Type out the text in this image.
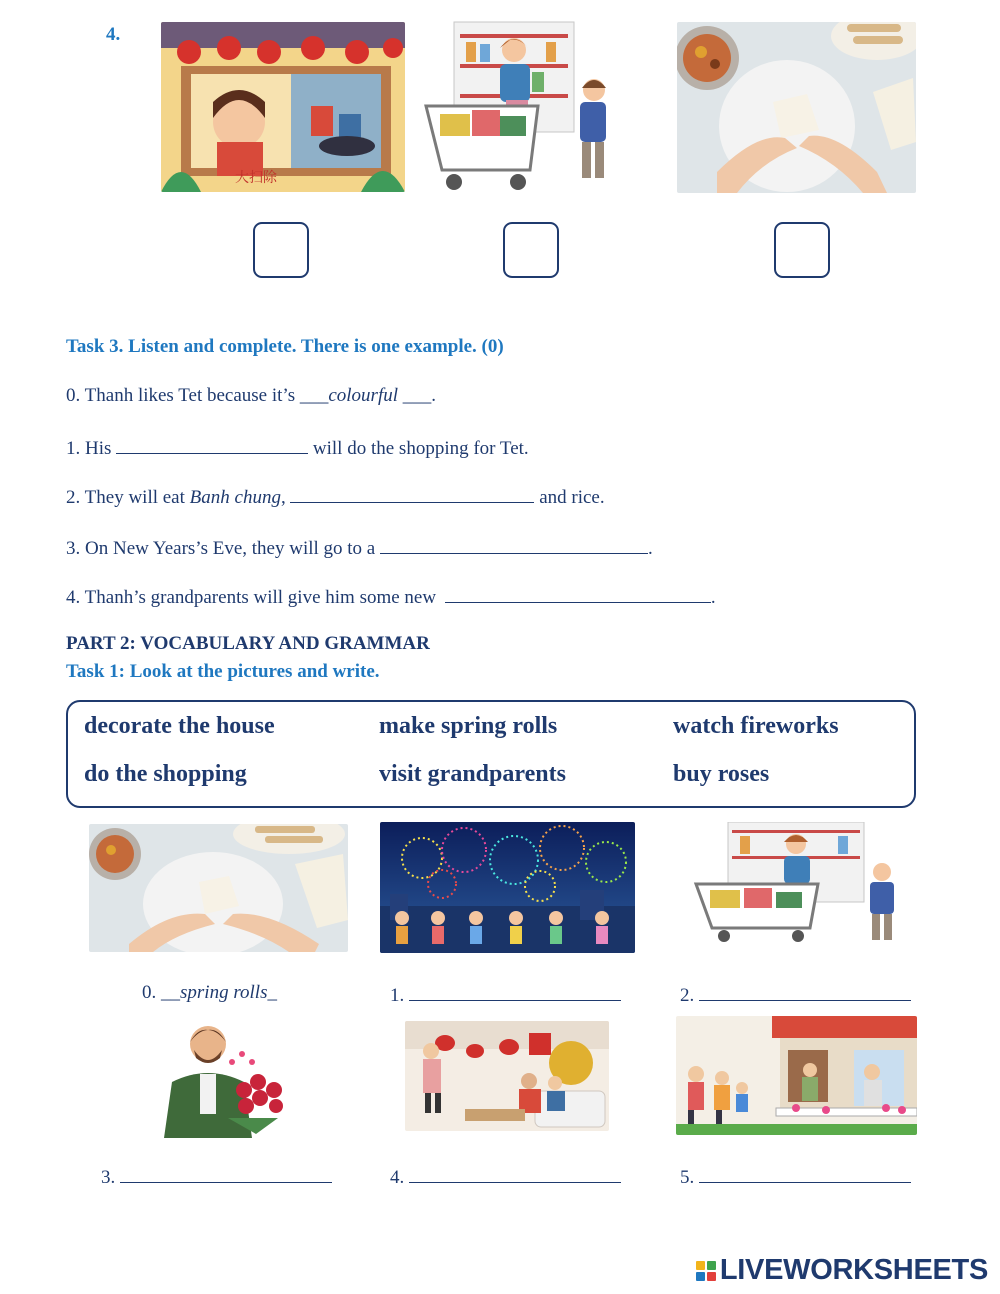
4.
大扫除
Task 3. Listen and complete. There is one example. (0)
0. Thanh likes Tet because it’s ___colourful ___.
1. His	will do the shopping for Tet.
2. They will eat Banh chung,	and rice.
3. On New Years’s Eve, they will go to a	.
4. Thanh’s grandparents will give him some new	.
PART 2: VOCABULARY AND GRAMMAR
Task 1: Look at the pictures and write.
decorate the house	make spring rolls	watch fireworks
do the shopping	visit grandparents	buy roses
0. __spring rolls_	1.	2.
3.	4.	5.
LIVEWORKSHEETS
